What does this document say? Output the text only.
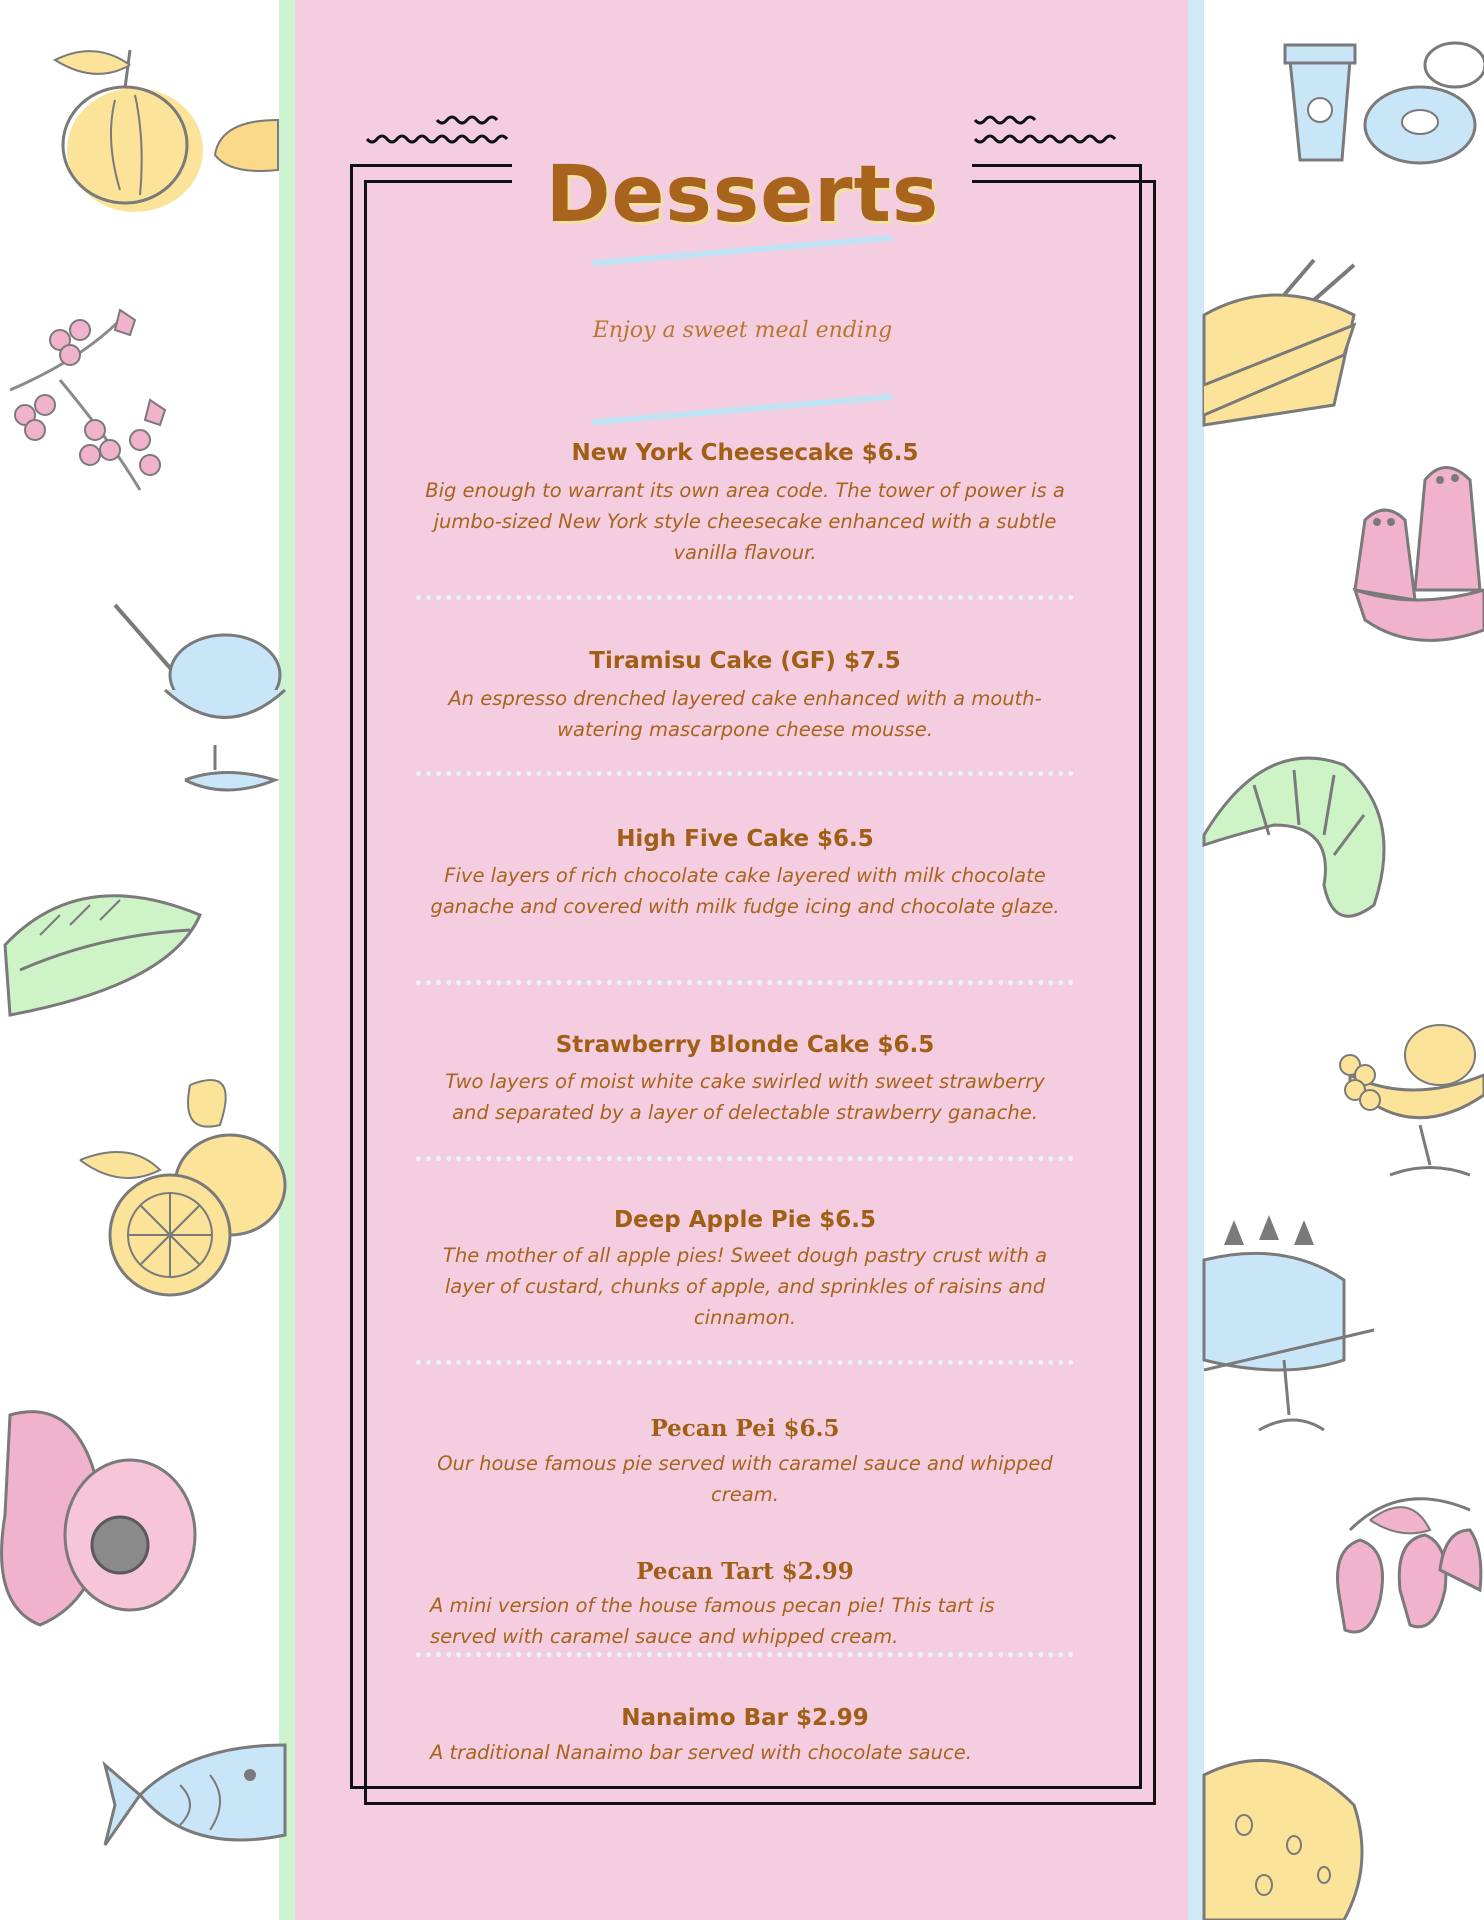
Desserts
Enjoy a sweet meal ending
New York Cheesecake $6.5
Big enough to warrant its own area code. The tower of power is a jumbo-sized New York style cheesecake enhanced with a subtle vanilla flavour.
Tiramisu Cake (GF) $7.5
An espresso drenched layered cake enhanced with a mouth-watering mascarpone cheese mousse.
High Five Cake $6.5
Five layers of rich chocolate cake layered with milk chocolate ganache and covered with milk fudge icing and chocolate glaze.
Strawberry Blonde Cake $6.5
Two layers of moist white cake swirled with sweet strawberry and separated by a layer of delectable strawberry ganache.
Deep Apple Pie $6.5
The mother of all apple pies! Sweet dough pastry crust with a layer of custard, chunks of apple, and sprinkles of raisins and cinnamon.
Pecan Pei $6.5
Our house famous pie served with caramel sauce and whipped cream.
Pecan Tart $2.99
A mini version of the house famous pecan pie! This tart is served with caramel sauce and whipped cream.
Nanaimo Bar $2.99
A traditional Nanaimo bar served with chocolate sauce.
